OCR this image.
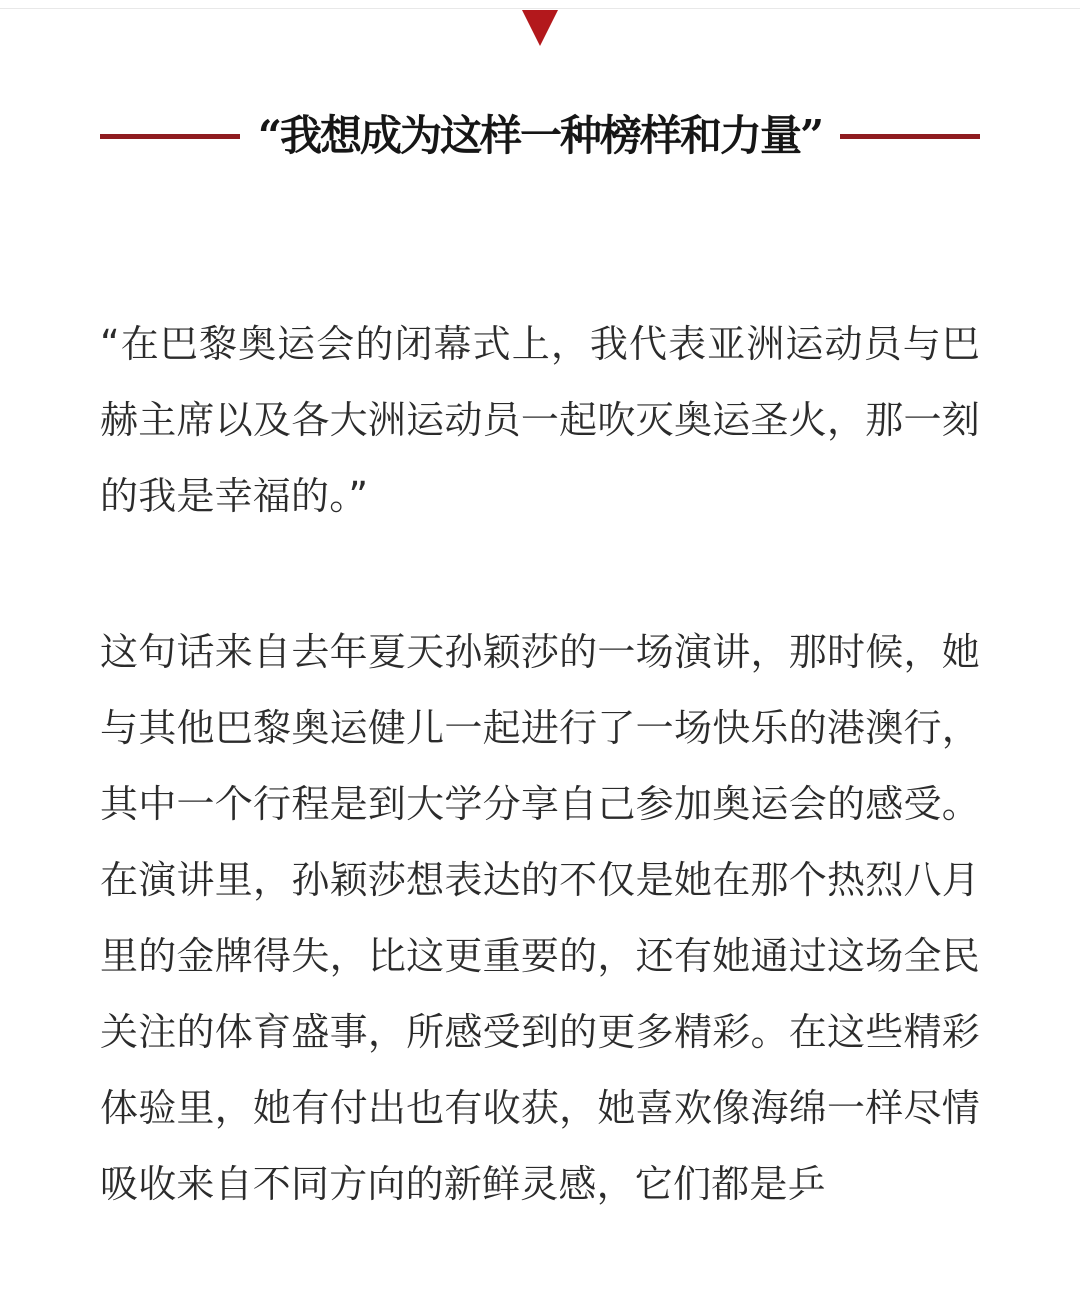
“我想成为这样一种榜样和力量”

“在巴黎奥运会的闭幕式上，我代表亚洲运动员与巴赫主席以及各大洲运动员一起吹灭奥运圣火，那一刻的我是幸福的。”

这句话来自去年夏天孙颖莎的一场演讲，那时候，她与其他巴黎奥运健儿一起进行了一场快乐的港澳行，其中一个行程是到大学分享自己参加奥运会的感受。在演讲里，孙颖莎想表达的不仅是她在那个热烈八月里的金牌得失，比这更重要的，还有她通过这场全民关注的体育盛事，所感受到的更多精彩。在这些精彩体验里，她有付出也有收获，她喜欢像海绵一样尽情吸收来自不同方向的新鲜灵感，它们都是乒
